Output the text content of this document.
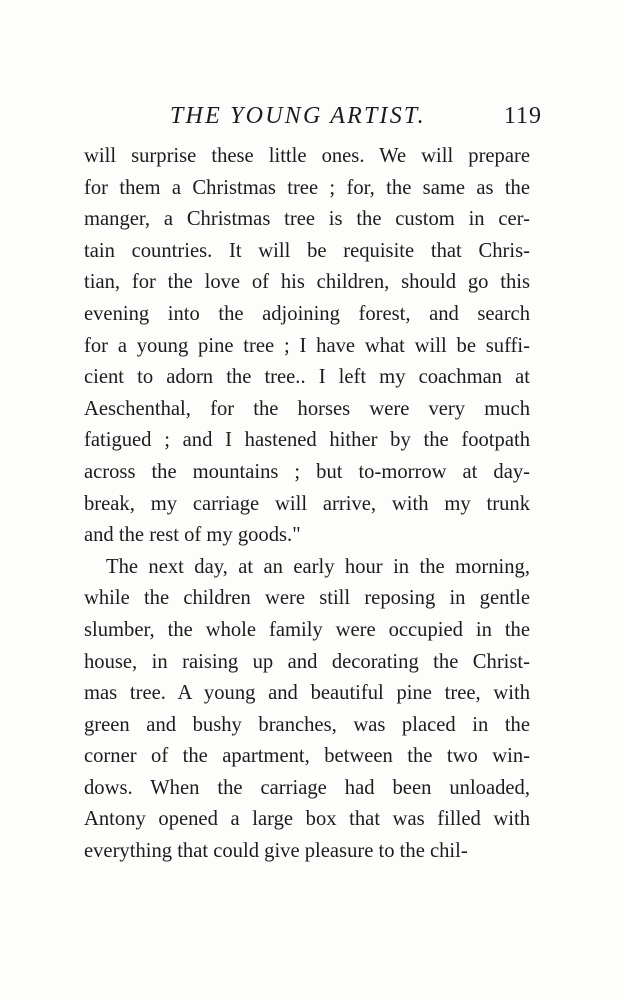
THE YOUNG ARTIST.	119
will surprise these little ones. We will prepare
for them a Christmas tree ; for, the same as the
manger, a Christmas tree is the custom in cer-
tain countries. It will be requisite that Chris-
tian, for the love of his children, should go this
evening into the adjoining forest, and search
for a young pine tree ; I have what will be suffi-
cient to adorn the tree.. I left my coachman at
Aeschenthal, for the horses were very much
fatigued ; and I hastened hither by the footpath
across the mountains ; but to-morrow at day-
break, my carriage will arrive, with my trunk
and the rest of my goods."
The next day, at an early hour in the morning,
while the children were still reposing in gentle
slumber, the whole family were occupied in the
house, in raising up and decorating the Christ-
mas tree. A young and beautiful pine tree, with
green and bushy branches, was placed in the
corner of the apartment, between the two win-
dows. When the carriage had been unloaded,
Antony opened a large box that was filled with
everything that could give pleasure to the chil-
